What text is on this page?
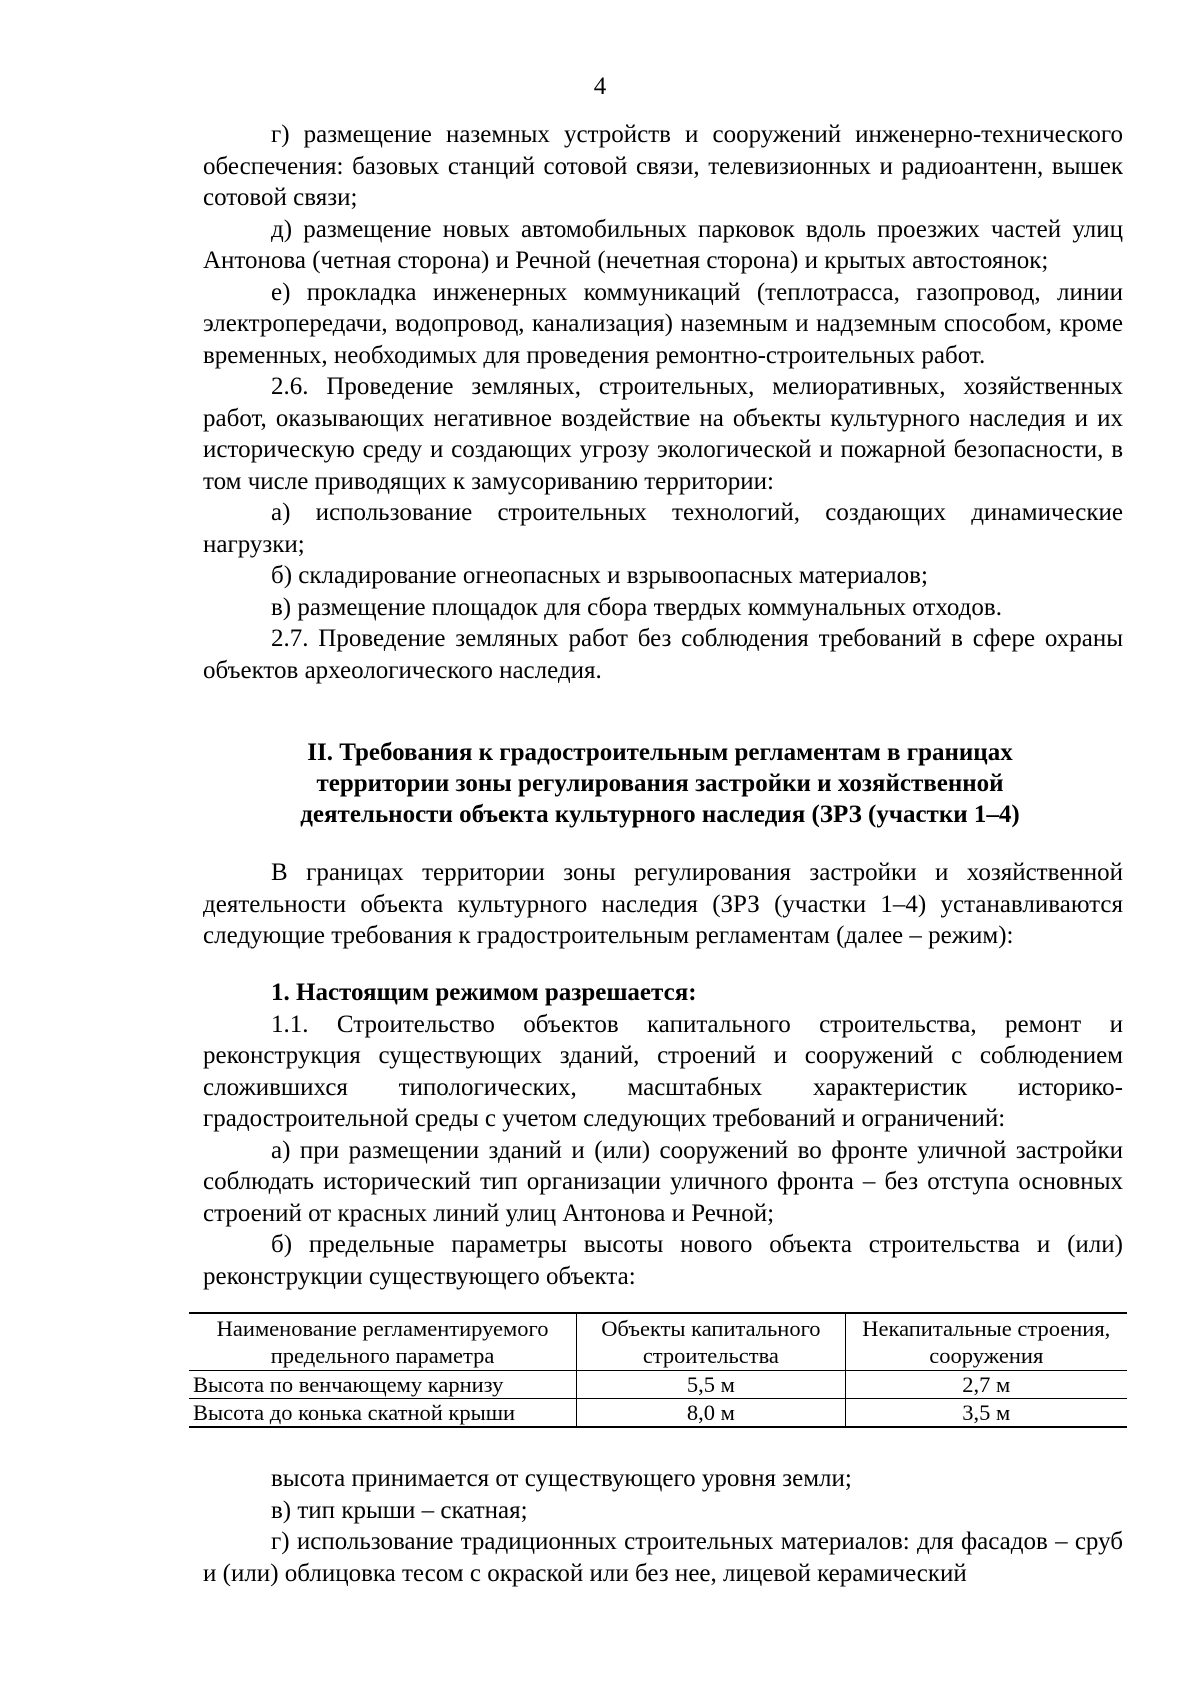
4

г) размещение наземных устройств и сооружений инженерно-технического обеспечения: базовых станций сотовой связи, телевизионных и радиоантенн, вышек сотовой связи;

д) размещение новых автомобильных парковок вдоль проезжих частей улиц Антонова (четная сторона) и Речной (нечетная сторона) и крытых автостоянок;

е) прокладка инженерных коммуникаций (теплотрасса, газопровод, линии электропередачи, водопровод, канализация) наземным и надземным способом, кроме временных, необходимых для проведения ремонтно-строительных работ.

2.6. Проведение земляных, строительных, мелиоративных, хозяйственных работ, оказывающих негативное воздействие на объекты культурного наследия и их историческую среду и создающих угрозу экологической и пожарной безопасности, в том числе приводящих к замусориванию территории:

а) использование строительных технологий, создающих динамические нагрузки;

б) складирование огнеопасных и взрывоопасных материалов;

в) размещение площадок для сбора твердых коммунальных отходов.

2.7. Проведение земляных работ без соблюдения требований в сфере охраны объектов археологического наследия.

II. Требования к градостроительным регламентам в границах
территории зоны регулирования застройки и хозяйственной
деятельности объекта культурного наследия (ЗРЗ (участки 1–4)

В границах территории зоны регулирования застройки и хозяйственной деятельности объекта культурного наследия (ЗРЗ (участки 1–4) устанавливаются следующие требования к градостроительным регламентам (далее – режим):

1. Настоящим режимом разрешается:

1.1. Строительство объектов капитального строительства, ремонт и реконструкция существующих зданий, строений и сооружений с соблюдением сложившихся типологических, масштабных характеристик историко-градостроительной среды с учетом следующих требований и ограничений:

а) при размещении зданий и (или) сооружений во фронте уличной застройки соблюдать исторический тип организации уличного фронта – без отступа основных строений от красных линий улиц Антонова и Речной;

б) предельные параметры высоты нового объекта строительства и (или) реконструкции существующего объекта:

Наименование регламентируемого предельного параметра	Объекты капитального строительства	Некапитальные строения, сооружения
Высота по венчающему карнизу	5,5 м	2,7 м
Высота до конька скатной крыши	8,0 м	3,5 м

высота принимается от существующего уровня земли;

в) тип крыши – скатная;

г) использование традиционных строительных материалов: для фасадов – сруб и (или) облицовка тесом с окраской или без нее, лицевой керамический
